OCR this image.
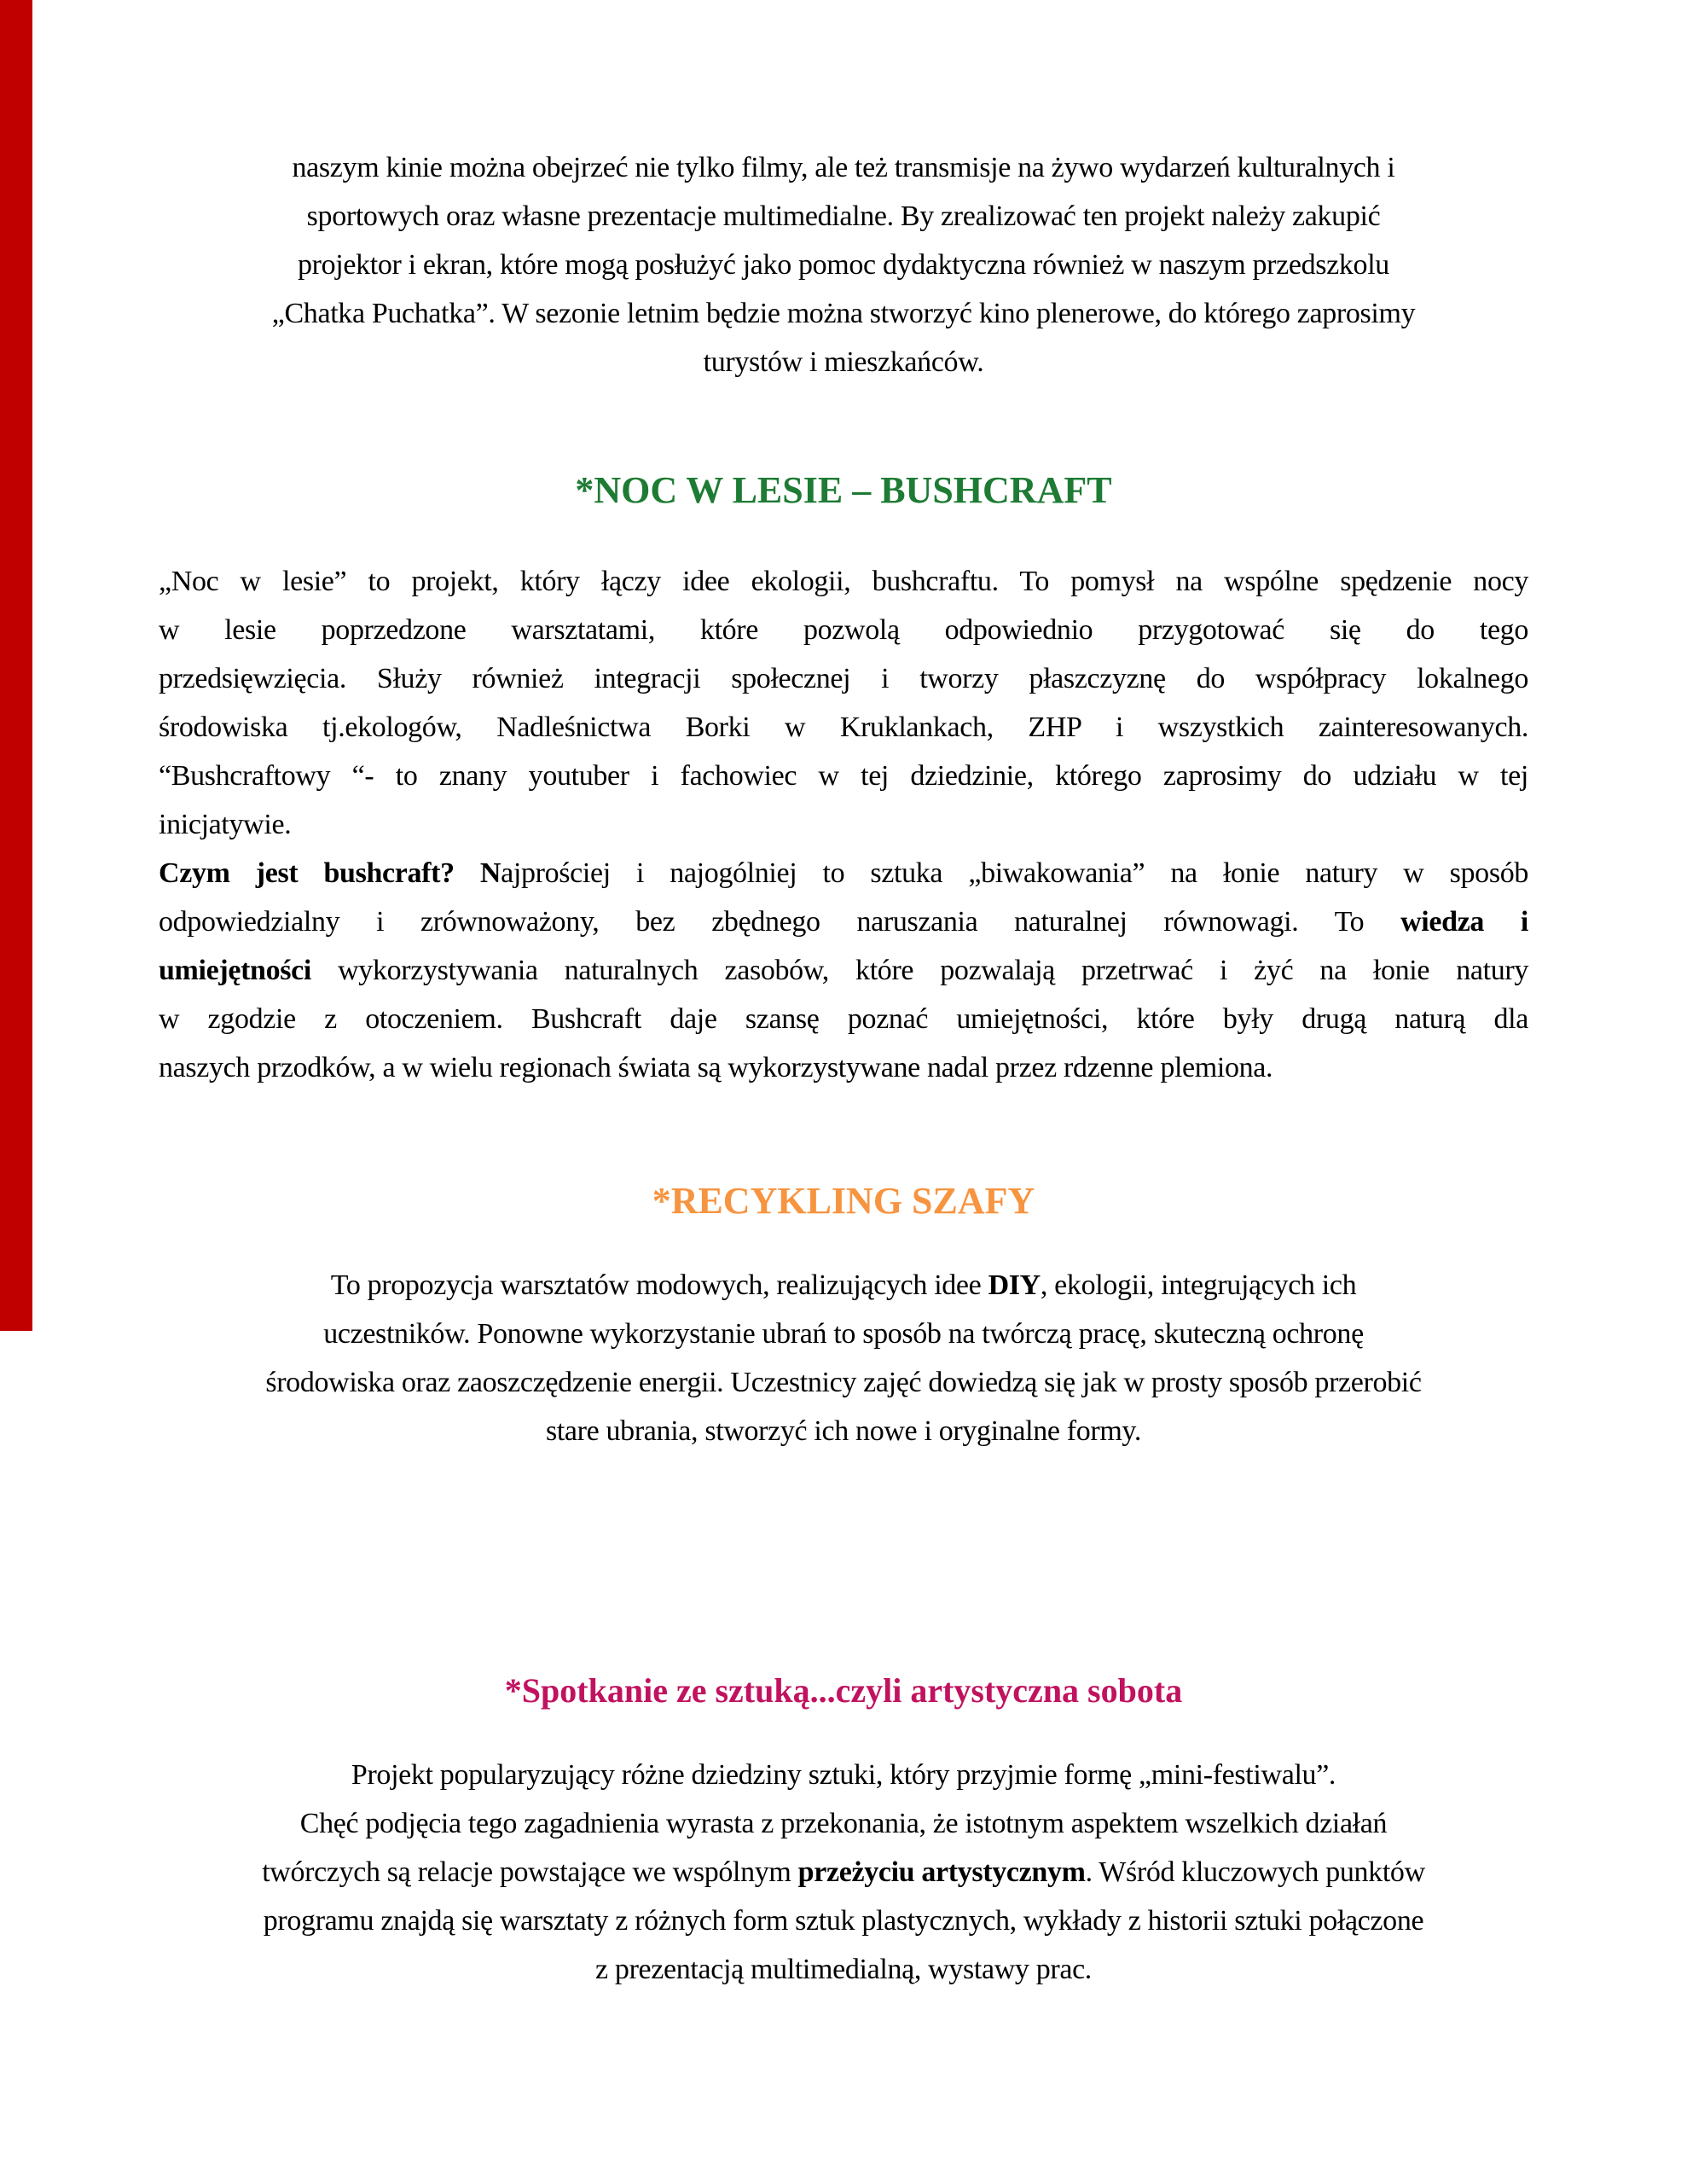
naszym kinie można obejrzeć nie tylko filmy, ale też transmisje na żywo wydarzeń kulturalnych i
sportowych oraz własne prezentacje multimedialne. By zrealizować ten projekt należy zakupić
projektor i ekran, które mogą posłużyć jako pomoc dydaktyczna również w naszym przedszkolu
„Chatka Puchatka”. W sezonie letnim będzie można stworzyć kino plenerowe, do którego zaprosimy
turystów i mieszkańców.
*NOC W LESIE – BUSHCRAFT
„Noc w lesie” to projekt, który łączy idee ekologii, bushcraftu. To pomysł na wspólne spędzenie nocy
w lesie poprzedzone warsztatami, które pozwolą odpowiednio przygotować się do tego
przedsięwzięcia. Służy również integracji społecznej i tworzy płaszczyznę do współpracy lokalnego
środowiska tj.ekologów, Nadleśnictwa Borki w Kruklankach, ZHP i wszystkich zainteresowanych.
“Bushcraftowy “- to znany youtuber i fachowiec w tej dziedzinie, którego zaprosimy do udziału w tej
inicjatywie.
Czym jest bushcraft? Najprościej i najogólniej to sztuka „biwakowania” na łonie natury w sposób
odpowiedzialny i zrównoważony, bez zbędnego naruszania naturalnej równowagi. To wiedza i
umiejętności wykorzystywania naturalnych zasobów, które pozwalają przetrwać i żyć na łonie natury
w zgodzie z otoczeniem. Bushcraft daje szansę poznać umiejętności, które były drugą naturą dla
naszych przodków, a w wielu regionach świata są wykorzystywane nadal przez rdzenne plemiona.
*RECYKLING SZAFY
To propozycja warsztatów modowych, realizujących idee DIY, ekologii, integrujących ich
uczestników. Ponowne wykorzystanie ubrań to sposób na twórczą pracę, skuteczną ochronę
środowiska oraz zaoszczędzenie energii. Uczestnicy zajęć dowiedzą się jak w prosty sposób przerobić
stare ubrania, stworzyć ich nowe i oryginalne formy.
*Spotkanie ze sztuką...czyli artystyczna sobota
Projekt popularyzujący różne dziedziny sztuki, który przyjmie formę „mini-festiwalu”.
Chęć podjęcia tego zagadnienia wyrasta z przekonania, że istotnym aspektem wszelkich działań
twórczych są relacje powstające we wspólnym przeżyciu artystycznym. Wśród kluczowych punktów
programu znajdą się warsztaty z różnych form sztuk plastycznych, wykłady z historii sztuki połączone
z prezentacją multimedialną, wystawy prac.
